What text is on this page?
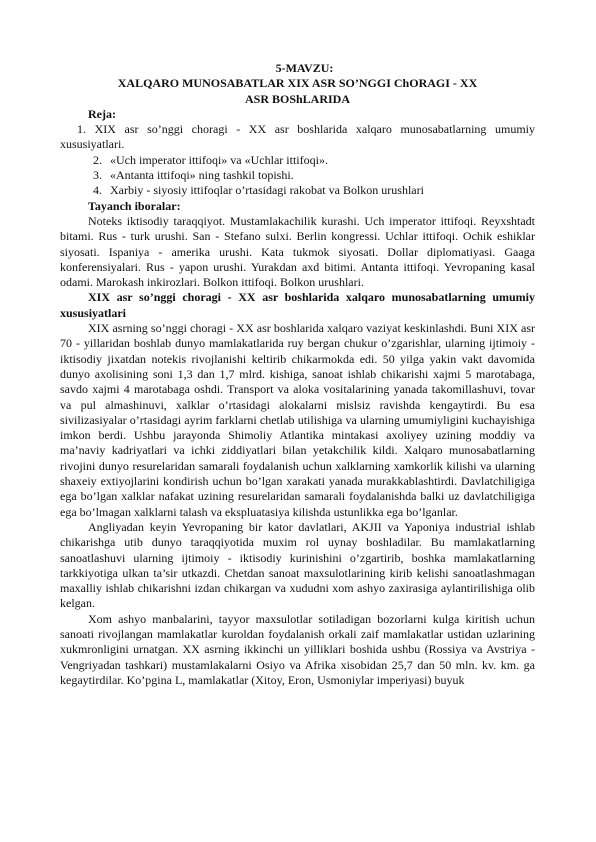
5-MAVZU:

XALQARO MUNOSABATLAR XIX ASR SO’NGGI ChORAGI - XX

ASR BOShLARIDA

Reja:

1. XIX asr so’nggi choragi - XX asr boshlarida xalqaro munosabatlarning umumiy xususiyatlari.
2. «Uch imperator ittifoqi» va «Uchlar ittifoqi».
3. «Antanta ittifoqi» ning tashkil topishi.
4. Xarbiy - siyosiy ittifoqlar o’rtasidagi rakobat va Bolkon urushlari

Tayanch iboralar:

Noteks iktisodiy taraqqiyot. Mustamlakachilik kurashi. Uch imperator ittifoqi. Reyxshtadt bitami. Rus - turk urushi. San - Stefano sulxi. Berlin kongressi. Uchlar ittifoqi. Ochik eshiklar siyosati. Ispaniya - amerika urushi. Kata tukmok siyosati. Dollar diplomatiyasi. Gaaga konferensiyalari. Rus - yapon urushi. Yurakdan axd bitimi. Antanta ittifoqi. Yevropaning kasal odami. Marokash inkirozlari. Bolkon ittifoqi. Bolkon urushlari.

XIX asr so’nggi choragi - XX asr boshlarida xalqaro munosabatlarning umumiy xususiyatlari

XIX asrning so’nggi choragi - XX asr boshlarida xalqaro vaziyat keskinlashdi. Buni XIX asr 70 - yillaridan boshlab dunyo mamlakatlarida ruy bergan chukur o’zgarishlar, ularning ijtimoiy - iktisodiy jixatdan notekis rivojlanishi keltirib chikarmokda edi. 50 yilga yakin vakt davomida dunyo axolisining soni 1,3 dan 1,7 mlrd. kishiga, sanoat ishlab chikarishi xajmi 5 marotabaga, savdo xajmi 4 marotabaga oshdi. Transport va aloka vositalarining yanada takomillashuvi, tovar va pul almashinuvi, xalklar o’rtasidagi alokalarni mislsiz ravishda kengaytirdi. Bu esa sivilizasiyalar o’rtasidagi ayrim farklarni chetlab utilishiga va ularning umumiyligini kuchayishiga imkon berdi. Ushbu jarayonda Shimoliy Atlantika mintakasi axoliyey uzining moddiy va ma’naviy kadriyatlari va ichki ziddiyatlari bilan yetakchilik kildi. Xalqaro munosabatlarning rivojini dunyo resurelaridan samarali foydalanish uchun xalklarning xamkorlik kilishi va ularning shaxeiy extiyojlarini kondirish uchun bo’lgan xarakati yanada murakkablashtirdi. Davlatchiligiga ega bo’lgan xalklar nafakat uzining resurelaridan samarali foydalanishda balki uz davlatchiligiga ega bo’lmagan xalklarni talash va ekspluatasiya kilishda ustunlikka ega bo’lganlar.

Angliyadan keyin Yevropaning bir kator davlatlari, AKJII va Yaponiya industrial ishlab chikarishga utib dunyo taraqqiyotida muxim rol uynay boshladilar. Bu mamlakatlarning sanoatlashuvi ularning ijtimoiy - iktisodiy kurinishini o’zgartirib, boshka mamlakatlarning tarkkiyotiga ulkan ta’sir utkazdi. Chetdan sanoat maxsulotlarining kirib kelishi sanoatlashmagan maxalliy ishlab chikarishni izdan chikargan va xududni xom ashyo zaxirasiga aylantirilishiga olib kelgan.

Xom ashyo manbalarini, tayyor maxsulotlar sotiladigan bozorlarni kulga kiritish uchun sanoati rivojlangan mamlakatlar kuroldan foydalanish orkali zaif mamlakatlar ustidan uzlarining xukmronligini urnatgan. XX asrning ikkinchi un yilliklari boshida ushbu (Rossiya va Avstriya - Vengriyadan tashkari) mustamlakalarni Osiyo va Afrika xisobidan 25,7 dan 50 mln. kv. km. ga kegaytirdilar. Ko’pgina L, mamlakatlar (Xitoy, Eron, Usmoniylar imperiyasi) buyuk
